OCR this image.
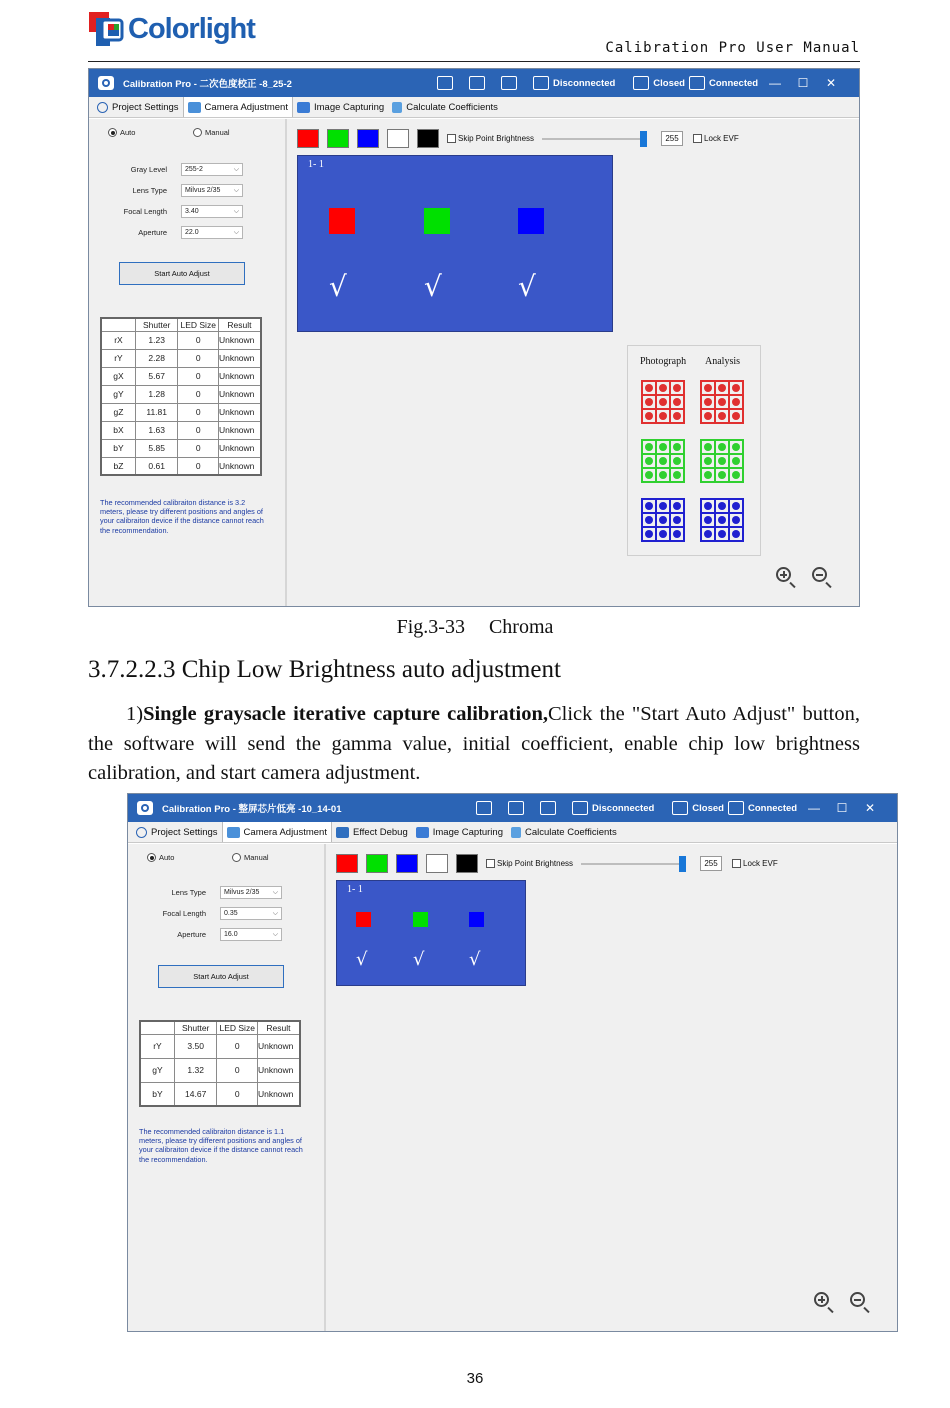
Colorlight
Calibration Pro User Manual
Calibration Pro - 二次色度校正 -8_25-2	Disconnected	Closed	Connected —	☐	✕
Project Settings	Camera Adjustment	Image Capturing Calculate Coefficients
Auto	Manual
Gray Level	255-2	⌵
Lens Type	Milvus 2/35 ⌵
Focal Length	3.40	⌵
Aperture	22.0	⌵
Start Auto Adjust
	Shutter	LED Size	Result
rX	1.23	0	Unknown
rY	2.28	0	Unknown
gX	5.67	0	Unknown
gY	1.28	0	Unknown
gZ	11.81	0	Unknown
bX	1.63	0	Unknown
bY	5.85	0	Unknown
bZ	0.61	0	Unknown
The recommended calibraiton distance is 3.2 meters, please try different positions and angles of your calibraiton device if the distance cannot reach the recommendation.
Skip Point Brightness	255	Lock EVF
1- 1
√	√	√
Photograph Analysis
Fig.3-33 Chroma
3.7.2.2.3 Chip Low Brightness auto adjustment
1)Single graysacle iterative capture calibration,Click the "Start Auto Adjust" button, the software will send the gamma value, initial coefficient, enable chip low brightness calibration, and start camera adjustment.
Calibration Pro - 整屏芯片低亮 -10_14-01	Disconnected	Closed	Connected —	☐	✕
Project Settings	Camera Adjustment	Effect Debug	Image Capturing Calculate Coefficients
Auto	Manual
Lens Type	Milvus 2/35 ⌵
Focal Length	0.35	⌵
Aperture	16.0	⌵
Start Auto Adjust
	Shutter	LED Size	Result
rY	3.50	0	Unknown
gY	1.32	0	Unknown
bY	14.67	0	Unknown
The recommended calibraiton distance is 1.1 meters, please try different positions and angles of your calibraiton device if the distance cannot reach the recommendation.
Skip Point Brightness	255	Lock EVF
1- 1
√	√ √
36
